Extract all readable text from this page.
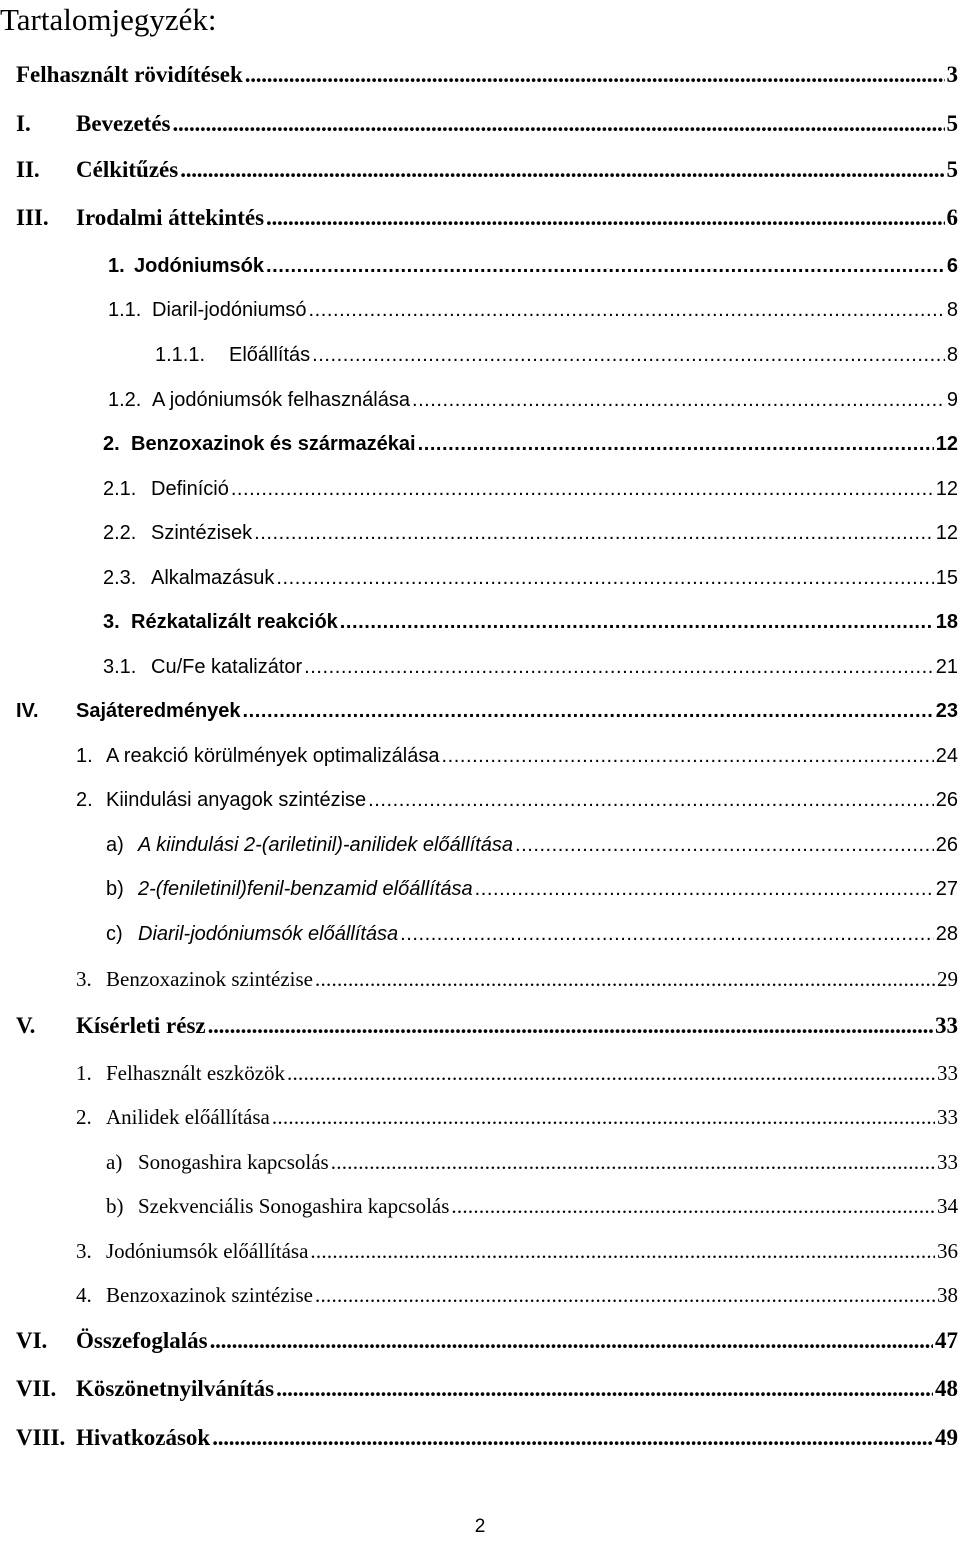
Tartalomjegyzék:
Felhasznált rövidítések . . .	3
I.	Bevezetés . . .	5
II.	Célkitűzés . . .	5
III.	Irodalmi áttekintés . . .	6
1. Jodóniumsók . . .	6
1.1. Diaril-jodóniumsó . . .	8
1.1.1.	Előállítás . . .	8
1.2. A jodóniumsók felhasználása . . .	9
2. Benzoxazinok és származékai . . .	12
2.1. Definíció . . .	12
2.2. Szintézisek . . .	12
2.3. Alkalmazásuk . . .	15
3. Rézkatalizált reakciók . . .	18
3.1. Cu/Fe katalizátor . . .	21
IV.	Sajáteredmények . . .	23
1. A reakció körülmények optimalizálása . . .	24
2. Kiindulási anyagok szintézise . . .	26
a) A kiindulási 2-(ariletinil)-anilidek előállítása . . .	26
b) 2-(feniletinil)fenil-benzamid előállítása . . .	27
c) Diaril-jodóniumsók előállítása . . .	28
3. Benzoxazinok szintézise . . .	29
V.	Kísérleti rész . . .	33
1. Felhasznált eszközök . . .	33
2. Anilidek előállítása . . .	33
a) Sonogashira kapcsolás . . .	33
b) Szekvenciális Sonogashira kapcsolás . . .	34
3. Jodóniumsók előállítása . . .	36
4. Benzoxazinok szintézise . . .	38
VI.	Összefoglalás . . .	47
VII. Köszönetnyilvánítás . . .	48
VIII. Hivatkozások . . .	49
2
